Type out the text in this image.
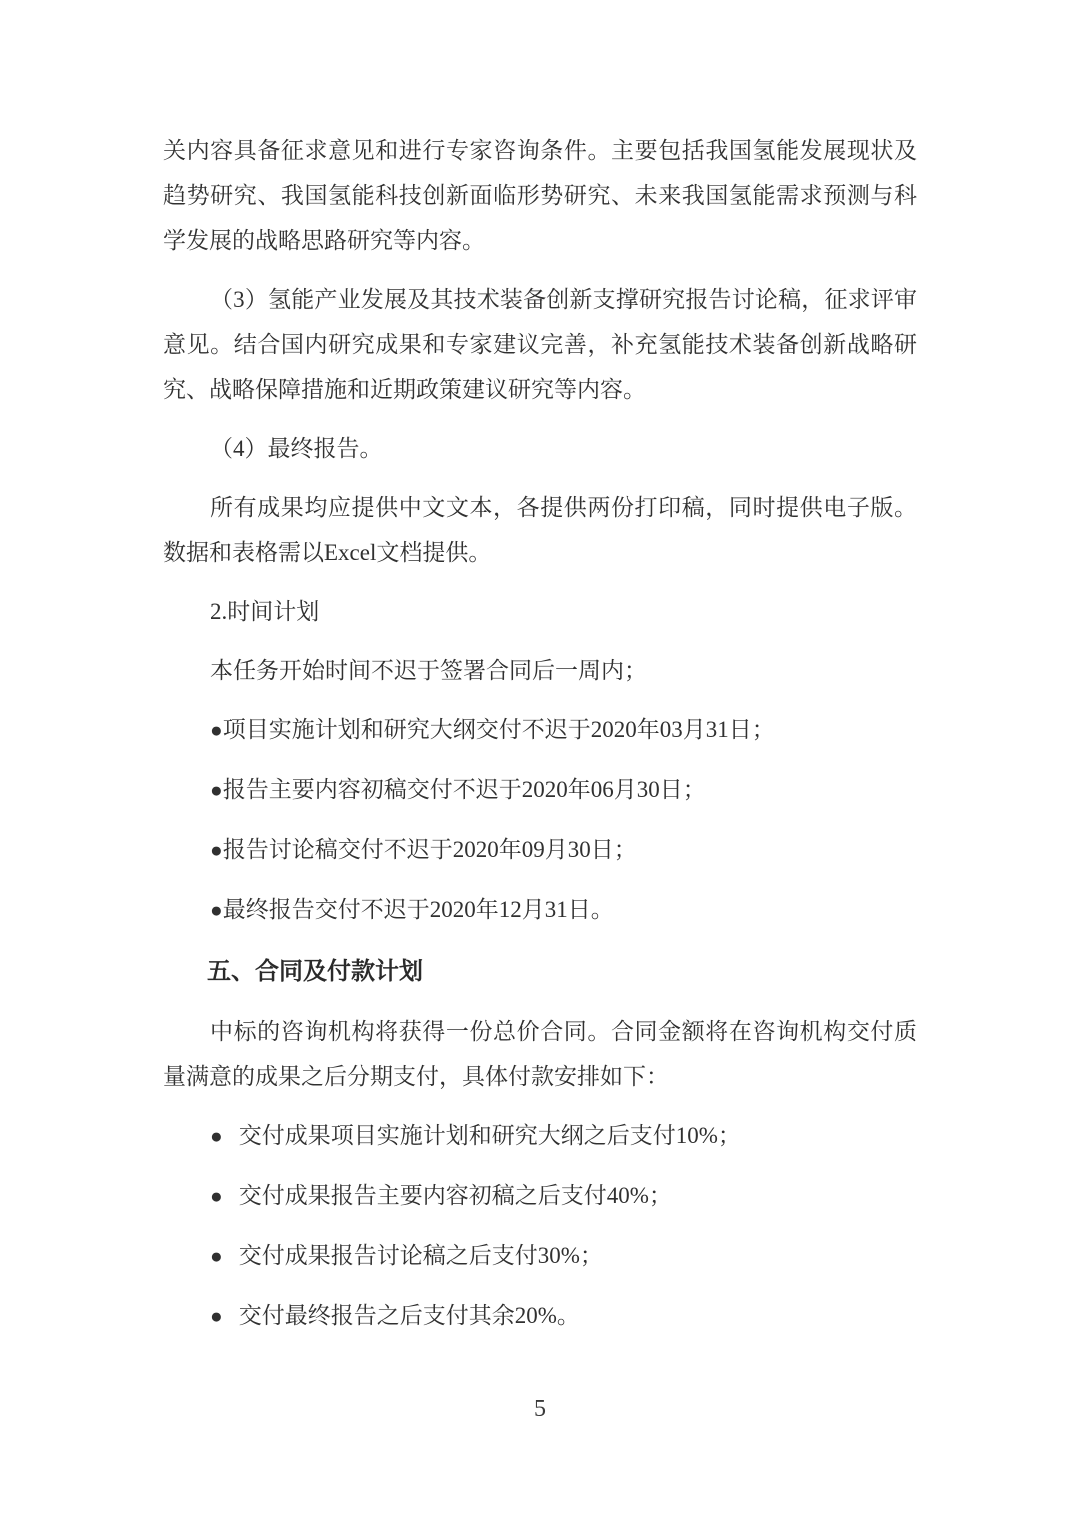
关内容具备征求意见和进行专家咨询条件。主要包括我国氢能发展现状及趋势研究、我国氢能科技创新面临形势研究、未来我国氢能需求预测与科学发展的战略思路研究等内容。

（3）氢能产业发展及其技术装备创新支撑研究报告讨论稿，征求评审意见。结合国内研究成果和专家建议完善，补充氢能技术装备创新战略研究、战略保障措施和近期政策建议研究等内容。

（4）最终报告。

所有成果均应提供中文文本，各提供两份打印稿，同时提供电子版。数据和表格需以Excel文档提供。

2.时间计划

本任务开始时间不迟于签署合同后一周内；

●项目实施计划和研究大纲交付不迟于2020年03月31日；

●报告主要内容初稿交付不迟于2020年06月30日；

●报告讨论稿交付不迟于2020年09月30日；

●最终报告交付不迟于2020年12月31日。

五、合同及付款计划

中标的咨询机构将获得一份总价合同。合同金额将在咨询机构交付质量满意的成果之后分期支付，具体付款安排如下：

● 交付成果项目实施计划和研究大纲之后支付10%；

● 交付成果报告主要内容初稿之后支付40%；

● 交付成果报告讨论稿之后支付30%；

● 交付最终报告之后支付其余20%。

5
